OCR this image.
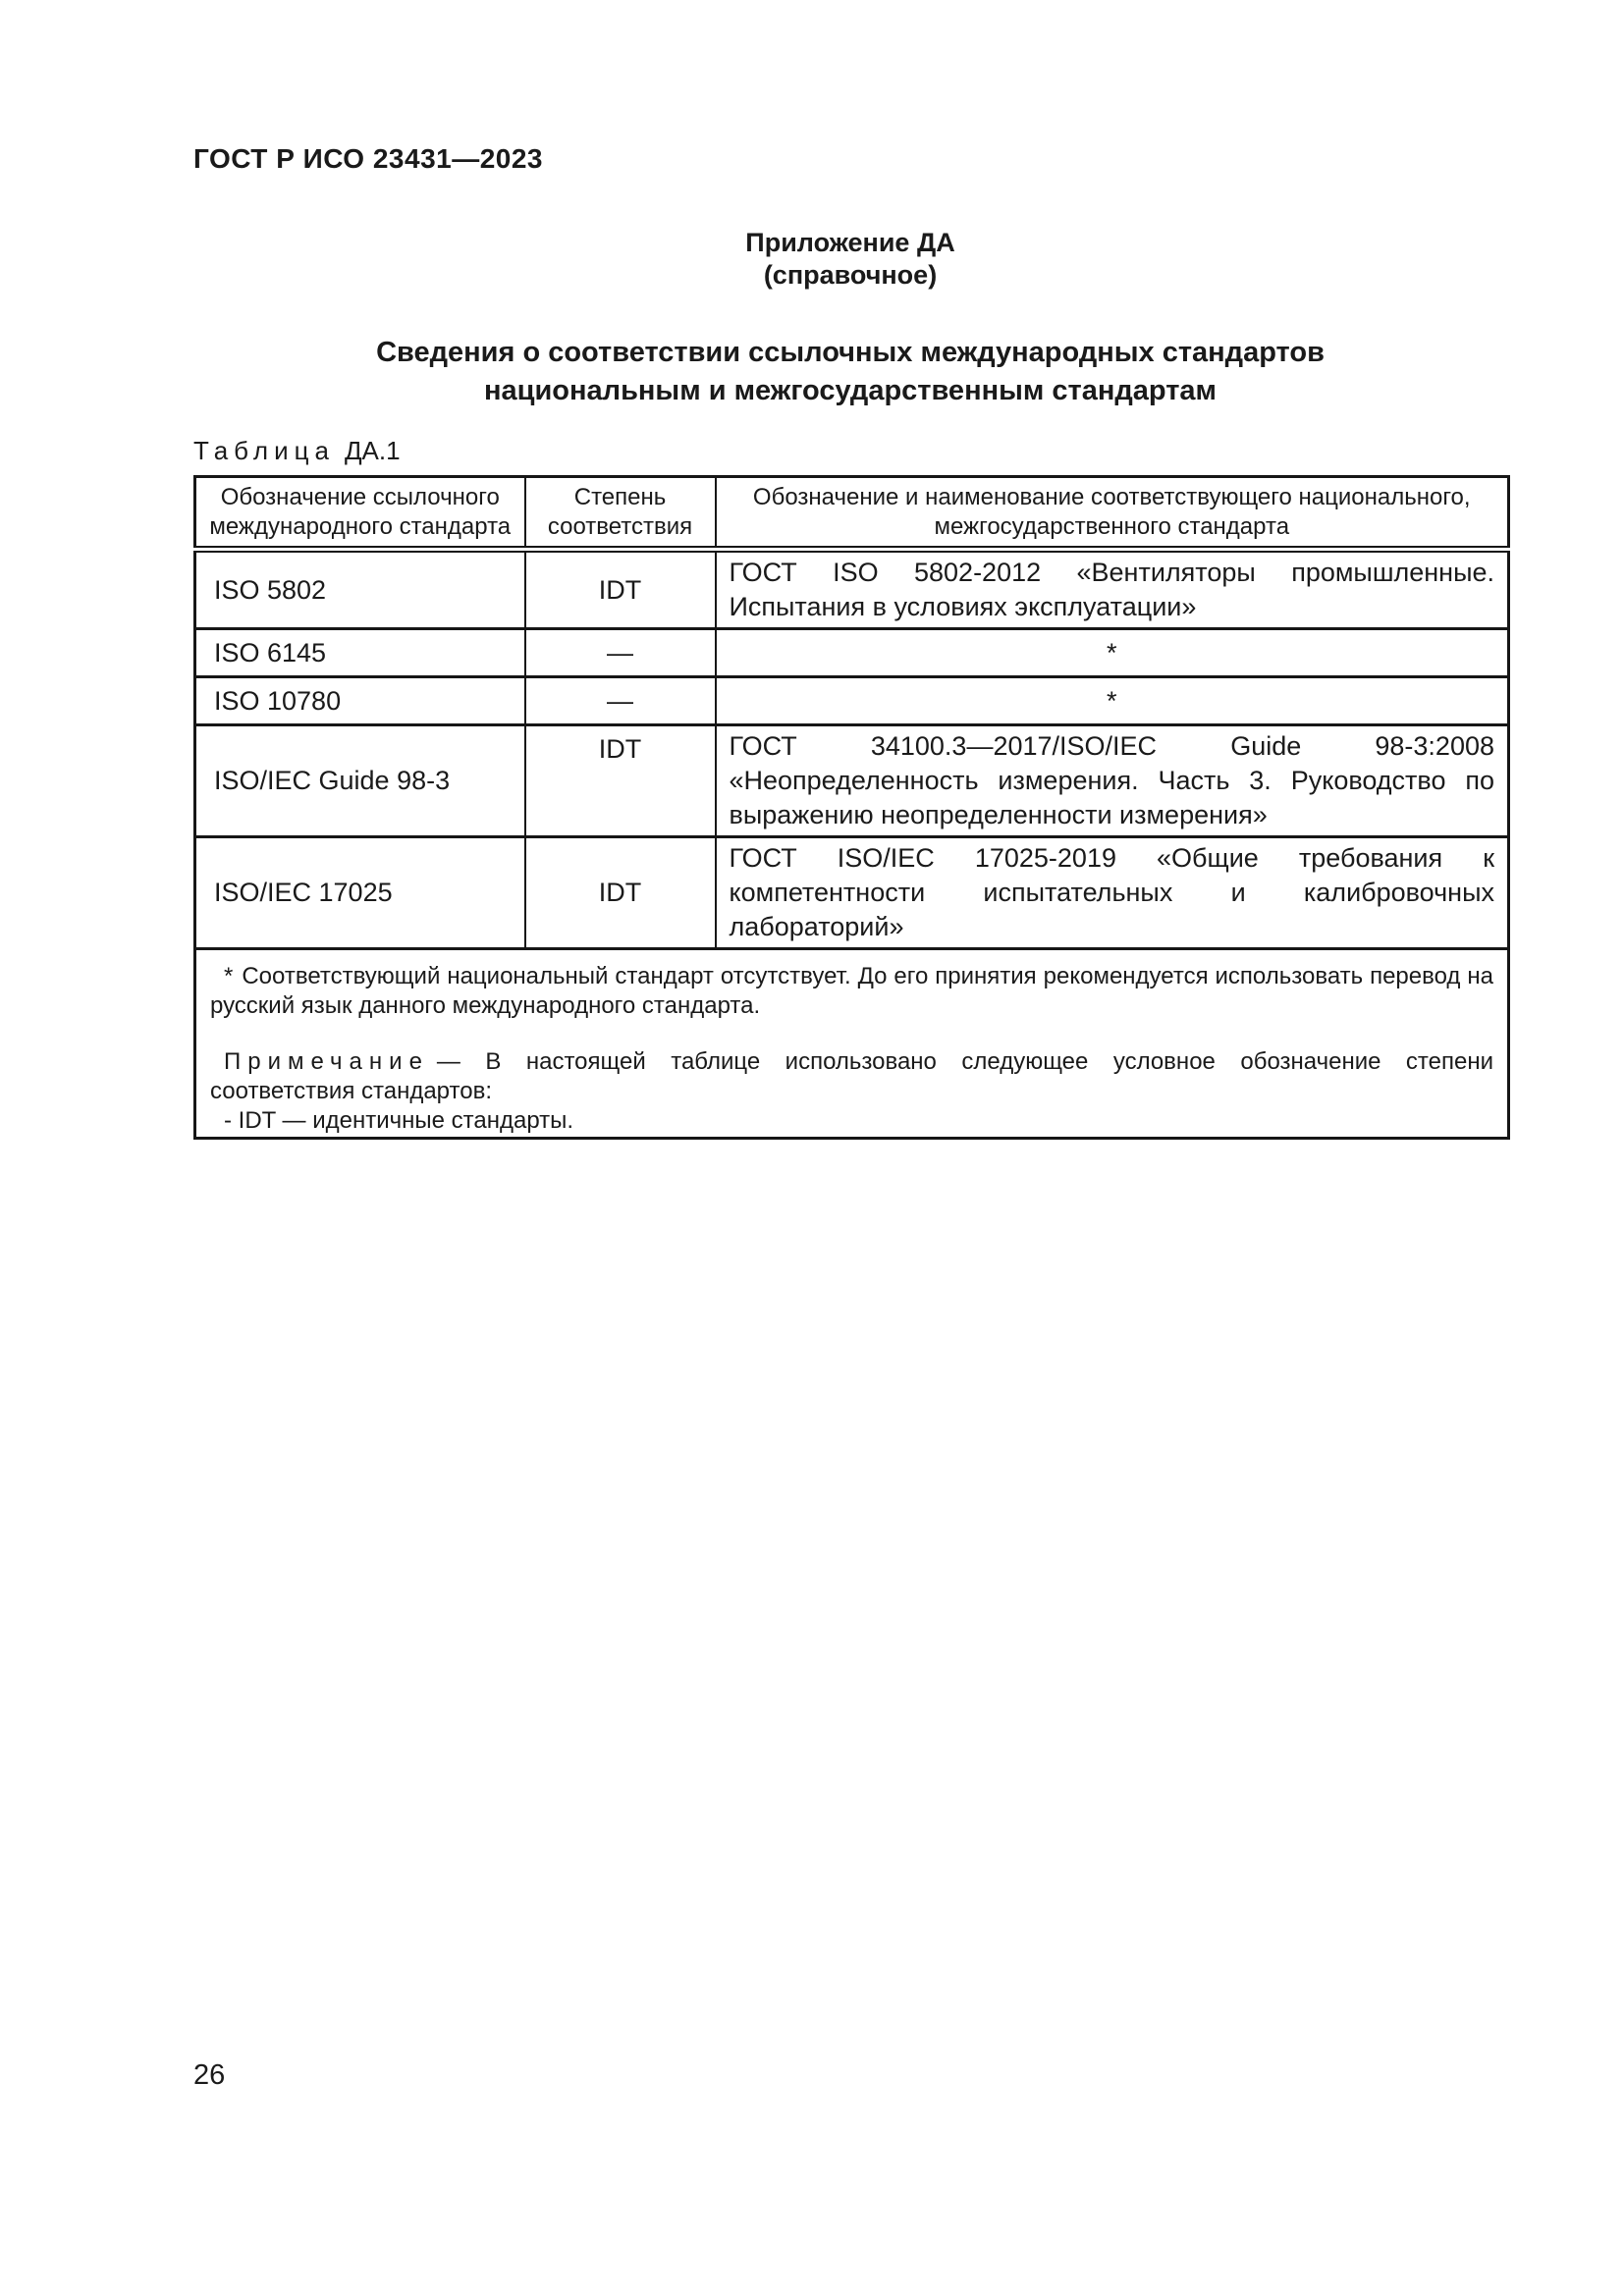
ГОСТ Р ИСО 23431—2023
Приложение ДА
(справочное)
Сведения о соответствии ссылочных международных стандартов
национальным и межгосударственным стандартам
Таблица ДА.1
Обозначение ссылочного международного стандарта	Степень соответствия	Обозначение и наименование соответствующего национального, межгосударственного стандарта
ISO 5802	IDT	ГОСТ ISO 5802-2012 «Вентиляторы промышленные. Испытания в условиях эксплуатации»
ISO 6145	—	*
ISO 10780	—	*
ISO/IEC Guide 98-3	IDT	ГОСТ 34100.3—2017/ISO/IEC Guide 98-3:2008 «Неопределенность измерения. Часть 3. Руководство по выражению неопределенности измерения»
ISO/IEC 17025	IDT	ГОСТ ISO/IEC 17025-2019 «Общие требования к компетентности испытательных и калибровочных лабораторий»

* Соответствующий национальный стандарт отсутствует. До его принятия рекомендуется использовать перевод на русский язык данного международного стандарта.

Примечание — В настоящей таблице использовано следующее условное обозначение степени соответствия стандартов:

- IDT — идентичные стандарты.		

26
